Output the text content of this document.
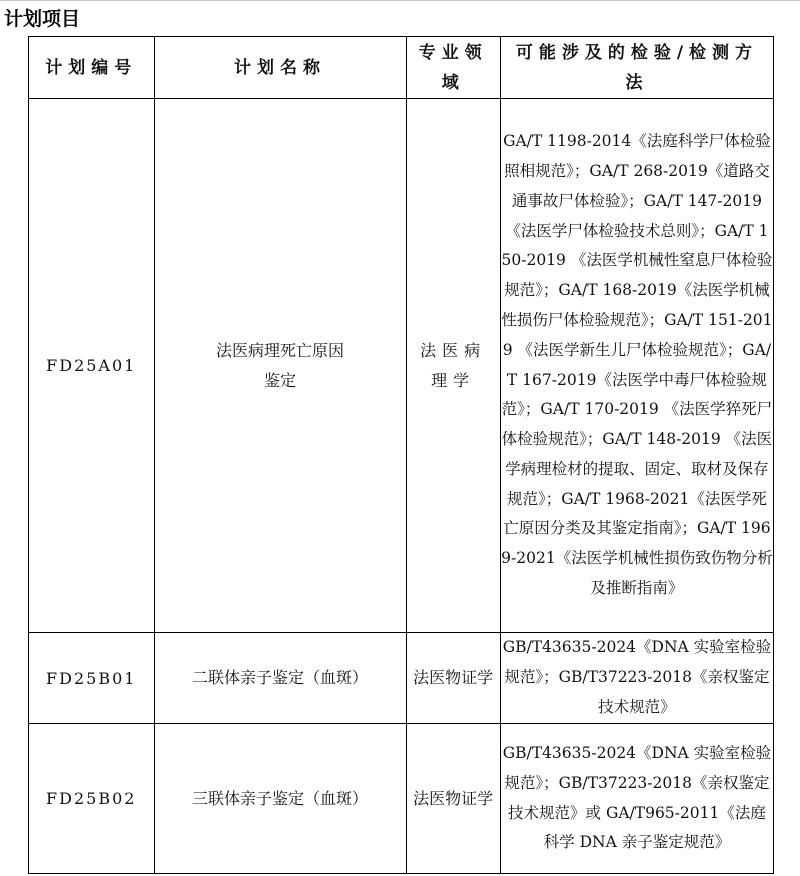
计划项目
计划编号	计划名称	专业领域	可能涉及的检验/检测方法
FD25A01	法医病理死亡原因鉴定	法医病理学	GA/T 1198-2014《法庭科学尸体检验照相规范》；GA/T 268-2019《道路交通事故尸体检验》；GA/T 147-2019 《法医学尸体检验技术总则》；GA/T 150-2019 《法医学机械性窒息尸体检验规范》；GA/T 168-2019《法医学机械性损伤尸体检验规范》；GA/T 151-2019 《法医学新生儿尸体检验规范》；GA/T 167-2019《法医学中毒尸体检验规范》；GA/T 170-2019 《法医学猝死尸体检验规范》；GA/T 148-2019 《法医学病理检材的提取、固定、取材及保存规范》；GA/T 1968-2021《法医学死亡原因分类及其鉴定指南》；GA/T 1969-2021《法医学机械性损伤致伤物分析及推断指南》
FD25B01	二联体亲子鉴定（血斑）	法医物证学	GB/T43635-2024《DNA 实验室检验规范》；GB/T37223-2018《亲权鉴定技术规范》
FD25B02	三联体亲子鉴定（血斑）	法医物证学	GB/T43635-2024《DNA 实验室检验规范》；GB/T37223-2018《亲权鉴定技术规范》或 GA/T965-2011《法庭科学 DNA 亲子鉴定规范》
